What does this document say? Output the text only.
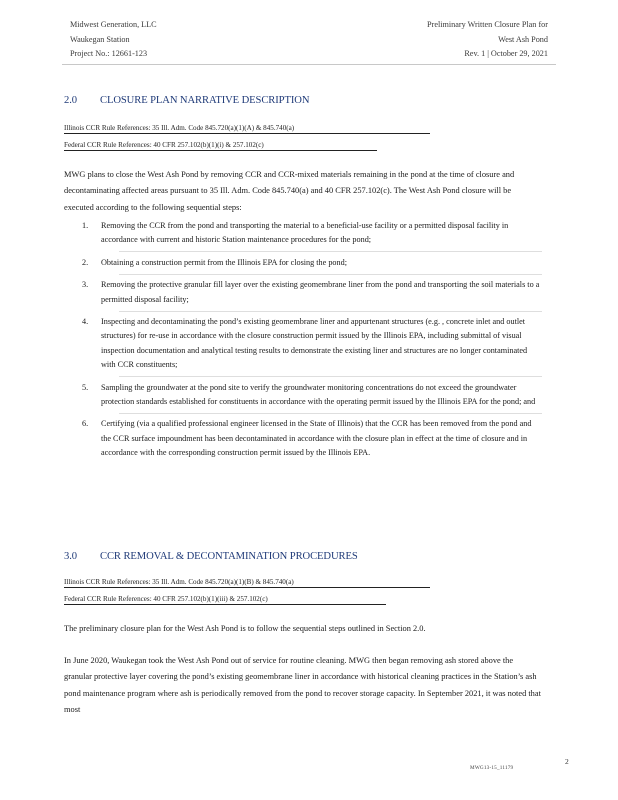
Midwest Generation, LLC
Waukegan Station
Project No.: 12661-123
Preliminary Written Closure Plan for
West Ash Pond
Rev. 1 | October 29, 2021
2.0 CLOSURE PLAN NARRATIVE DESCRIPTION
Illinois CCR Rule References: 35 Ill. Adm. Code 845.720(a)(1)(A) & 845.740(a)
Federal CCR Rule References: 40 CFR 257.102(b)(1)(i) & 257.102(c)

MWG plans to close the West Ash Pond by removing CCR and CCR-mixed materials remaining in the pond at the time of closure and decontaminating affected areas pursuant to 35 Ill. Adm. Code 845.740(a) and 40 CFR 257.102(c). The West Ash Pond closure will be executed according to the following sequential steps:

1. Removing the CCR from the pond and transporting the material to a beneficial-use facility or a permitted disposal facility in accordance with current and historic Station maintenance procedures for the pond;
2. Obtaining a construction permit from the Illinois EPA for closing the pond;
3. Removing the protective granular fill layer over the existing geomembrane liner from the pond and transporting the soil materials to a permitted disposal facility;
4. Inspecting and decontaminating the pond’s existing geomembrane liner and appurtenant structures (e.g. , concrete inlet and outlet structures) for re-use in accordance with the closure construction permit issued by the Illinois EPA, including submittal of visual inspection documentation and analytical testing results to demonstrate the existing liner and structures are no longer contaminated with CCR constituents;
5. Sampling the groundwater at the pond site to verify the groundwater monitoring concentrations do not exceed the groundwater protection standards established for constituents in accordance with the operating permit issued by the Illinois EPA for the pond; and
6. Certifying (via a qualified professional engineer licensed in the State of Illinois) that the CCR has been removed from the pond and the CCR surface impoundment has been decontaminated in accordance with the closure plan in effect at the time of closure and in accordance with the corresponding construction permit issued by the Illinois EPA.
3.0 CCR REMOVAL & DECONTAMINATION PROCEDURES
Illinois CCR Rule References: 35 Ill. Adm. Code 845.720(a)(1)(B) & 845.740(a)
Federal CCR Rule References: 40 CFR 257.102(b)(1)(iii) & 257.102(c)

The preliminary closure plan for the West Ash Pond is to follow the sequential steps outlined in Section 2.0.

In June 2020, Waukegan took the West Ash Pond out of service for routine cleaning. MWG then began removing ash stored above the granular protective layer covering the pond’s existing geomembrane liner in accordance with historical cleaning practices in the Station’s ash pond maintenance program where ash is periodically removed from the pond to recover storage capacity. In September 2021, it was noted that most

MWG13-15_11179
2
